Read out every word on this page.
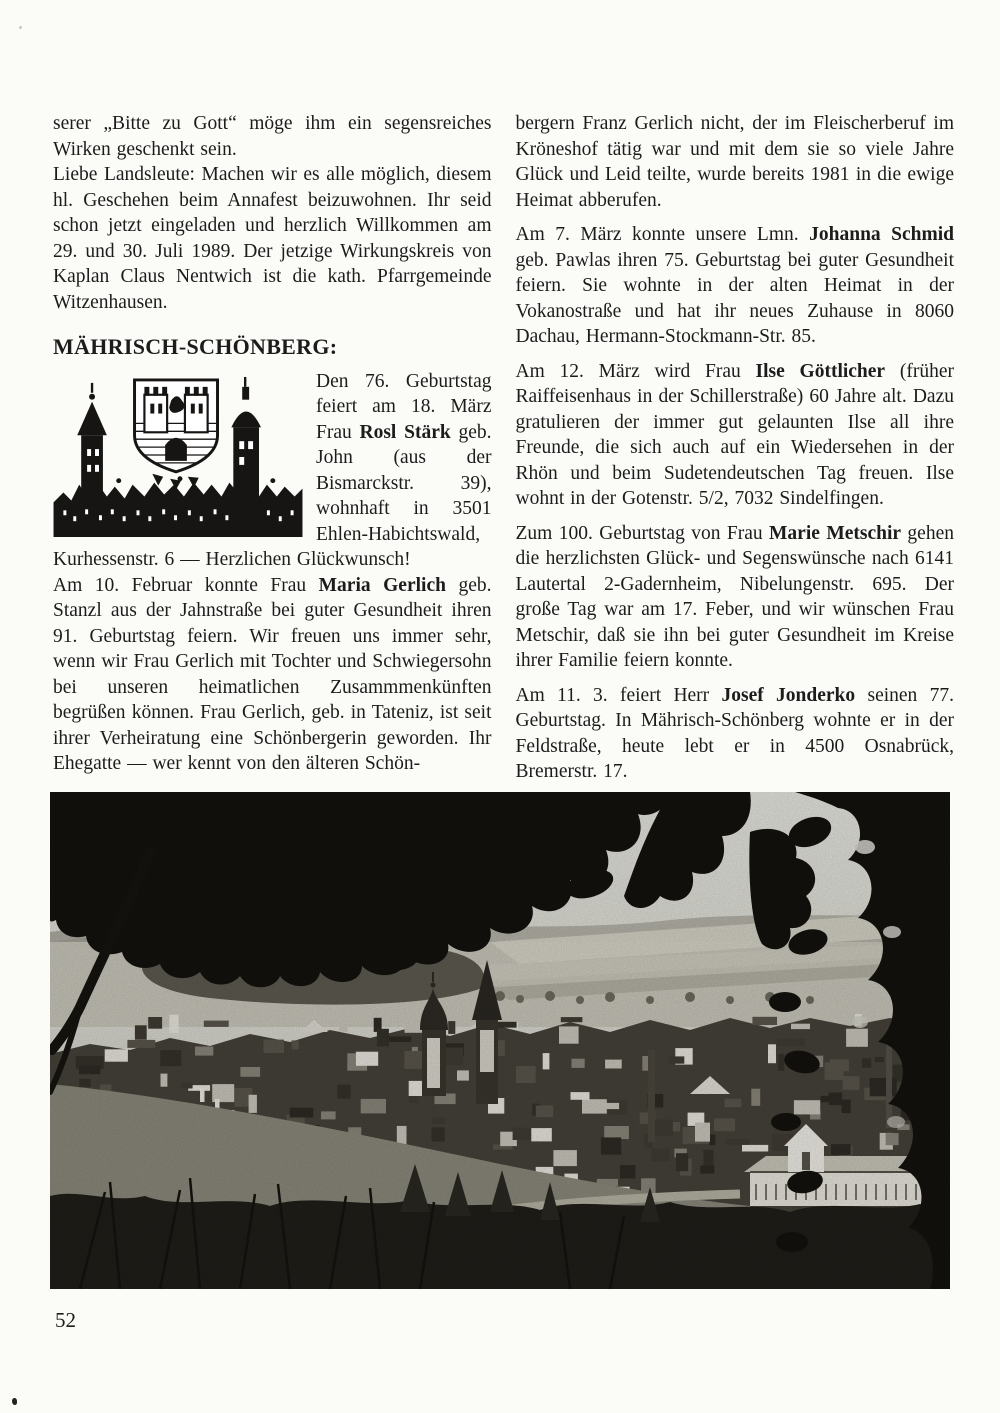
serer „Bitte zu Gott“ möge ihm ein segensreiches Wirken geschenkt sein.

Liebe Landsleute: Machen wir es alle möglich, diesem hl. Geschehen beim Annafest beizuwohnen. Ihr seid schon jetzt eingeladen und herzlich Willkommen am 29. und 30. Juli 1989. Der jetzige Wirkungskreis von Kaplan Claus Nentwich ist die kath. Pfarrgemeinde Witzenhausen.

MÄHRISCH-SCHÖNBERG:

Den 76. Geburtstag feiert am 18. März Frau Rosl Stärk geb. John (aus der Bismarckstr. 39), wohnhaft in 3501 Ehlen-Habichtswald, Kurhessenstr. 6 — Herzlichen Glückwunsch!

Am 10. Februar konnte Frau Maria Gerlich geb. Stanzl aus der Jahnstraße bei guter Gesundheit ihren 91. Geburtstag feiern. Wir freuen uns immer sehr, wenn wir Frau Gerlich mit Tochter und Schwiegersohn bei unseren heimatlichen Zusammmenkünften begrüßen können. Frau Gerlich, geb. in Tateniz, ist seit ihrer Verheiratung eine Schönbergerin geworden. Ihr Ehegatte — wer kennt von den älteren Schön-

bergern Franz Gerlich nicht, der im Fleischerberuf im Kröneshof tätig war und mit dem sie so viele Jahre Glück und Leid teilte, wurde bereits 1981 in die ewige Heimat abberufen.

Am 7. März konnte unsere Lmn. Johanna Schmid geb. Pawlas ihren 75. Geburtstag bei guter Gesundheit feiern. Sie wohnte in der alten Heimat in der Vokanostraße und hat ihr neues Zuhause in 8060 Dachau, Hermann-Stockmann-Str. 85.

Am 12. März wird Frau Ilse Göttlicher (früher Raiffeisenhaus in der Schillerstraße) 60 Jahre alt. Dazu gratulieren der immer gut gelaunten Ilse all ihre Freunde, die sich auch auf ein Wiedersehen in der Rhön und beim Sudetendeutschen Tag freuen. Ilse wohnt in der Gotenstr. 5/2, 7032 Sindelfingen.

Zum 100. Geburtstag von Frau Marie Metschir gehen die herzlichsten Glück- und Segenswünsche nach 6141 Lautertal 2-Gadernheim, Nibelungenstr. 695. Der große Tag war am 17. Feber, und wir wünschen Frau Metschir, daß sie ihn bei guter Gesundheit im Kreise ihrer Familie feiern konnte.

Am 11. 3. feiert Herr Josef Jonderko seinen 77. Geburtstag. In Mährisch-Schönberg wohnte er in der Feldstraße, heute lebt er in 4500 Osnabrück, Bremerstr. 17.

52
